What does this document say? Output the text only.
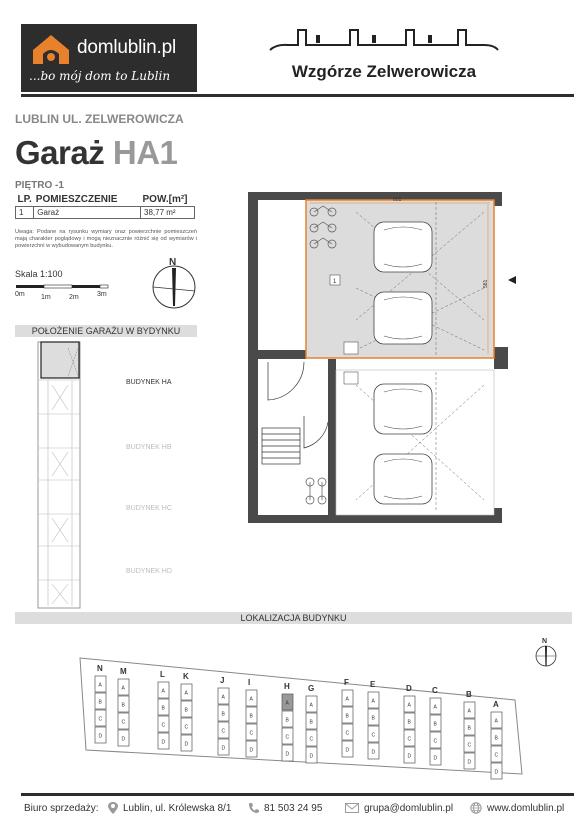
domlublin.pl
...bo mój dom to Lublin	Wzgórze Zelwerowicza
LUBLIN UL. ZELWEROWICZA
Garaż HA1
PIĘTRO -1
LP.	POMIESZCZENIE	POW.[m²]
1	Garaż	38,77 m²
Uwaga: Podane na rysunku wymiary oraz powierzchnie pomieszczeń mają charakter poglądowy i mogą nieznacznie różnić się od wymiarów i powierzchni w wybudowanym budynku.
Skala 1:100
0m 1m	2m	3m
N
POŁOŻENIE GARAŻU W BYDYNKU
BUDYNEK HA
BUDYNEK HB
BUDYNEK HC
BUDYNEK HD
601
581
1
LOKALIZACJA BUDYNKU
N
N
A
B
C
D
M
A
B
C
D
L
A
B
C
D
K
A
B
C
D
J
A
B
C
D
I
A
B
C
D
H
A
B
C
D
G
A
B
C
D
F
A
B
C
D
E
A
B
C
D
D
A
B
C
D
C
A
B
C
D
B
A
B
C
D
A
A
B
C
D
Biuro sprzedaży: Lublin, ul. Królewska 8/1	81 503 24 95	grupa@domlublin.pl	www.domlublin.pl
